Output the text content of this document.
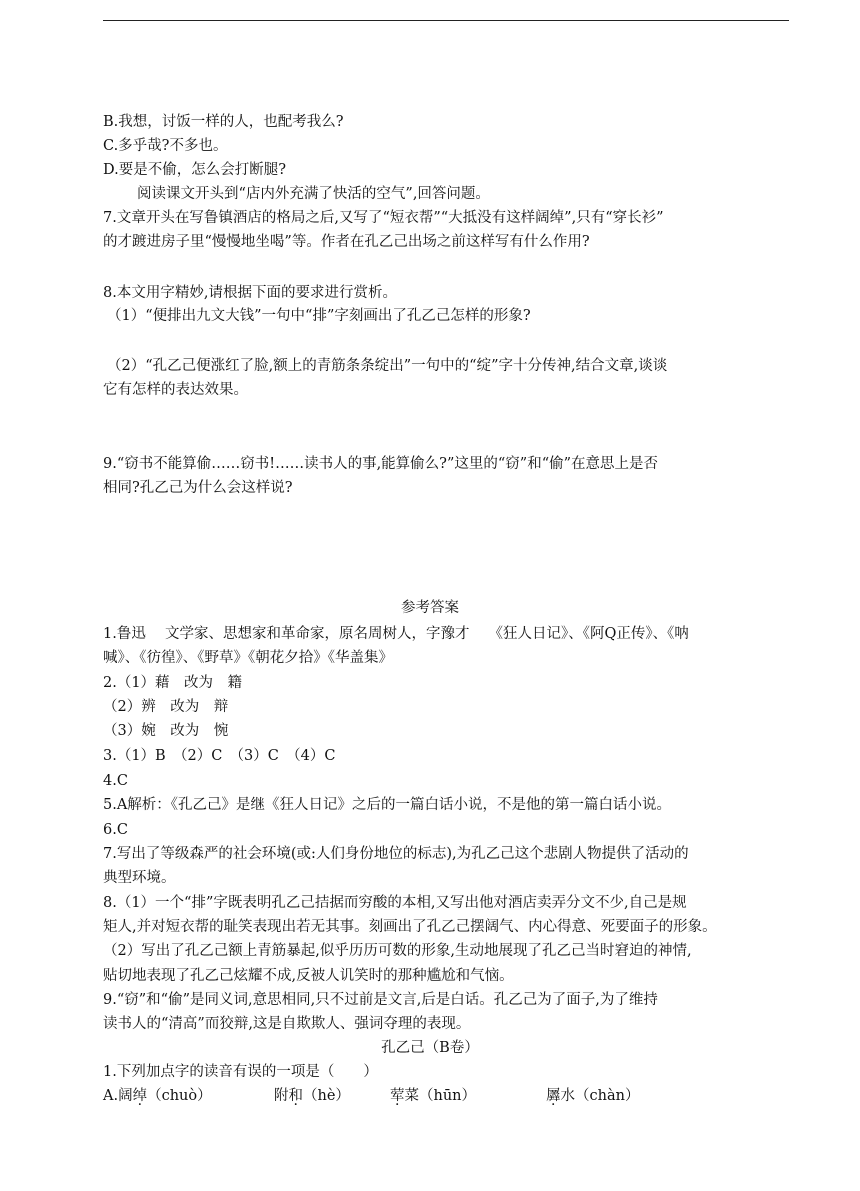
B.我想，讨饭一样的人，也配考我么?
C.多乎哉?不多也。
D.要是不偷，怎么会打断腿?
阅读课文开头到“店内外充满了快活的空气”,回答问题。
7.文章开头在写鲁镇酒店的格局之后,又写了“短衣帮”“大抵没有这样阔绰”,只有“穿长衫”
的才踱进房子里“慢慢地坐喝”等。作者在孔乙己出场之前这样写有什么作用?
8.本文用字精妙,请根据下面的要求进行赏析。
（1）“便排出九文大钱”一句中“排”字刻画出了孔乙己怎样的形象?
（2）“孔乙己便涨红了脸,额上的青筋条条绽出”一句中的“绽”字十分传神,结合文章,谈谈
它有怎样的表达效果。
9.“窃书不能算偷……窃书!……读书人的事,能算偷么?”这里的“窃”和“偷”在意思上是否
相同?孔乙己为什么会这样说?
参考答案
1.鲁迅　 文学家、思想家和革命家，原名周树人，字豫才　 《狂人日记》、《阿Q正传》、《呐
喊》、《彷徨》、《野草》《朝花夕拾》《华盖集》
2.（1）藉　改为　籍
（2）辨　改为　辩
（3）婉　改为　惋
3.（1）B　（2）C　（3）C　（4）C
4.C
5.A解析：《孔乙己》是继《狂人日记》之后的一篇白话小说，不是他的第一篇白话小说。
6.C
7.写出了等级森严的社会环境(或:人们身份地位的标志),为孔乙己这个悲剧人物提供了活动的
典型环境。
8.（1）一个“排”字既表明孔乙己拮据而穷酸的本相,又写出他对酒店卖弄分文不少,自己是规
矩人,并对短衣帮的耻笑表现出若无其事。刻画出了孔乙己摆阔气、内心得意、死要面子的形象。
（2）写出了孔乙己额上青筋暴起,似乎历历可数的形象,生动地展现了孔乙己当时窘迫的神情,
贴切地表现了孔乙己炫耀不成,反被人讥笑时的那种尴尬和气恼。
9.“窃”和“偷”是同义词,意思相同,只不过前是文言,后是白话。孔乙己为了面子,为了维持
读书人的“清高”而狡辩,这是自欺欺人、强词夺理的表现。
孔乙己（B卷）
1.下列加点字的读音有误的一项是（　　）
A.阔绰（chuò）	附和（hè）	荤菜（hūn）	羼水（chàn）
